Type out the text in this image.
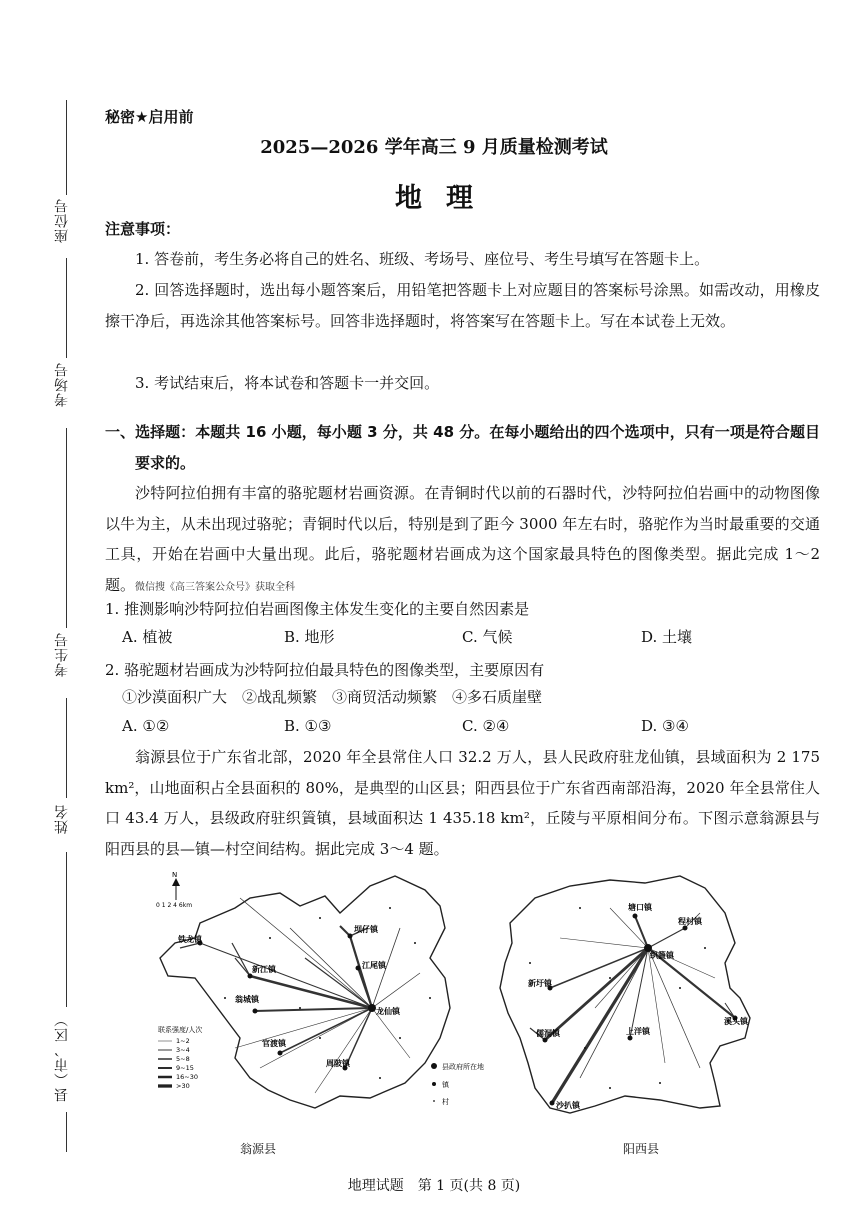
座位号
考场号
考生号
姓名
县（市、区）
秘密★启用前
2025—2026 学年高三 9 月质量检测考试
地理
注意事项：
1. 答卷前，考生务必将自己的姓名、班级、考场号、座位号、考生号填写在答题卡上。
2. 回答选择题时，选出每小题答案后，用铅笔把答题卡上对应题目的答案标号涂黑。如需改动，用橡皮擦干净后，再选涂其他答案标号。回答非选择题时，将答案写在答题卡上。写在本试卷上无效。
3. 考试结束后，将本试卷和答题卡一并交回。
一、选择题：本题共 16 小题，每小题 3 分，共 48 分。在每小题给出的四个选项中，只有一项是符合题目要求的。
沙特阿拉伯拥有丰富的骆驼题材岩画资源。在青铜时代以前的石器时代，沙特阿拉伯岩画中的动物图像以牛为主，从未出现过骆驼；青铜时代以后，特别是到了距今 3000 年左右时，骆驼作为当时最重要的交通工具，开始在岩画中大量出现。此后，骆驼题材岩画成为这个国家最具特色的图像类型。据此完成 1～2 题。微信搜《高三答案公众号》获取全科
1. 推测影响沙特阿拉伯岩画图像主体发生变化的主要自然因素是
A. 植被	B. 地形	C. 气候	D. 土壤
2. 骆驼题材岩画成为沙特阿拉伯最具特色的图像类型，主要原因有
①沙漠面积广大　②战乱频繁　③商贸活动频繁　④多石质崖壁
A. ①②	B. ①③	C. ②④	D. ③④
翁源县位于广东省北部，2020 年全县常住人口 32.2 万人，县人民政府驻龙仙镇，县域面积为 2 175 km²，山地面积占全县面积的 80%，是典型的山区县；阳西县位于广东省西南部沿海，2020 年全县常住人口 43.4 万人，县级政府驻织篢镇，县域面积达 1 435.18 km²，丘陵与平原相间分布。下图示意翁源县与阳西县的县—镇—村空间结构。据此完成 3～4 题。
铁龙镇
新江镇
翁城镇
坝仔镇
江尾镇
龙仙镇
官渡镇
周陂镇
N
0 1 2 4 6km
联系强度/人次
1~2
3~4
5~8
9~15
16~30
>30
县政府所在地
镇
村
翁源县
塘口镇
程村镇
织篢镇
新圩镇
溪头镇
儒洞镇	上洋镇
沙扒镇
阳西县
地理试题　第 1 页(共 8 页)
